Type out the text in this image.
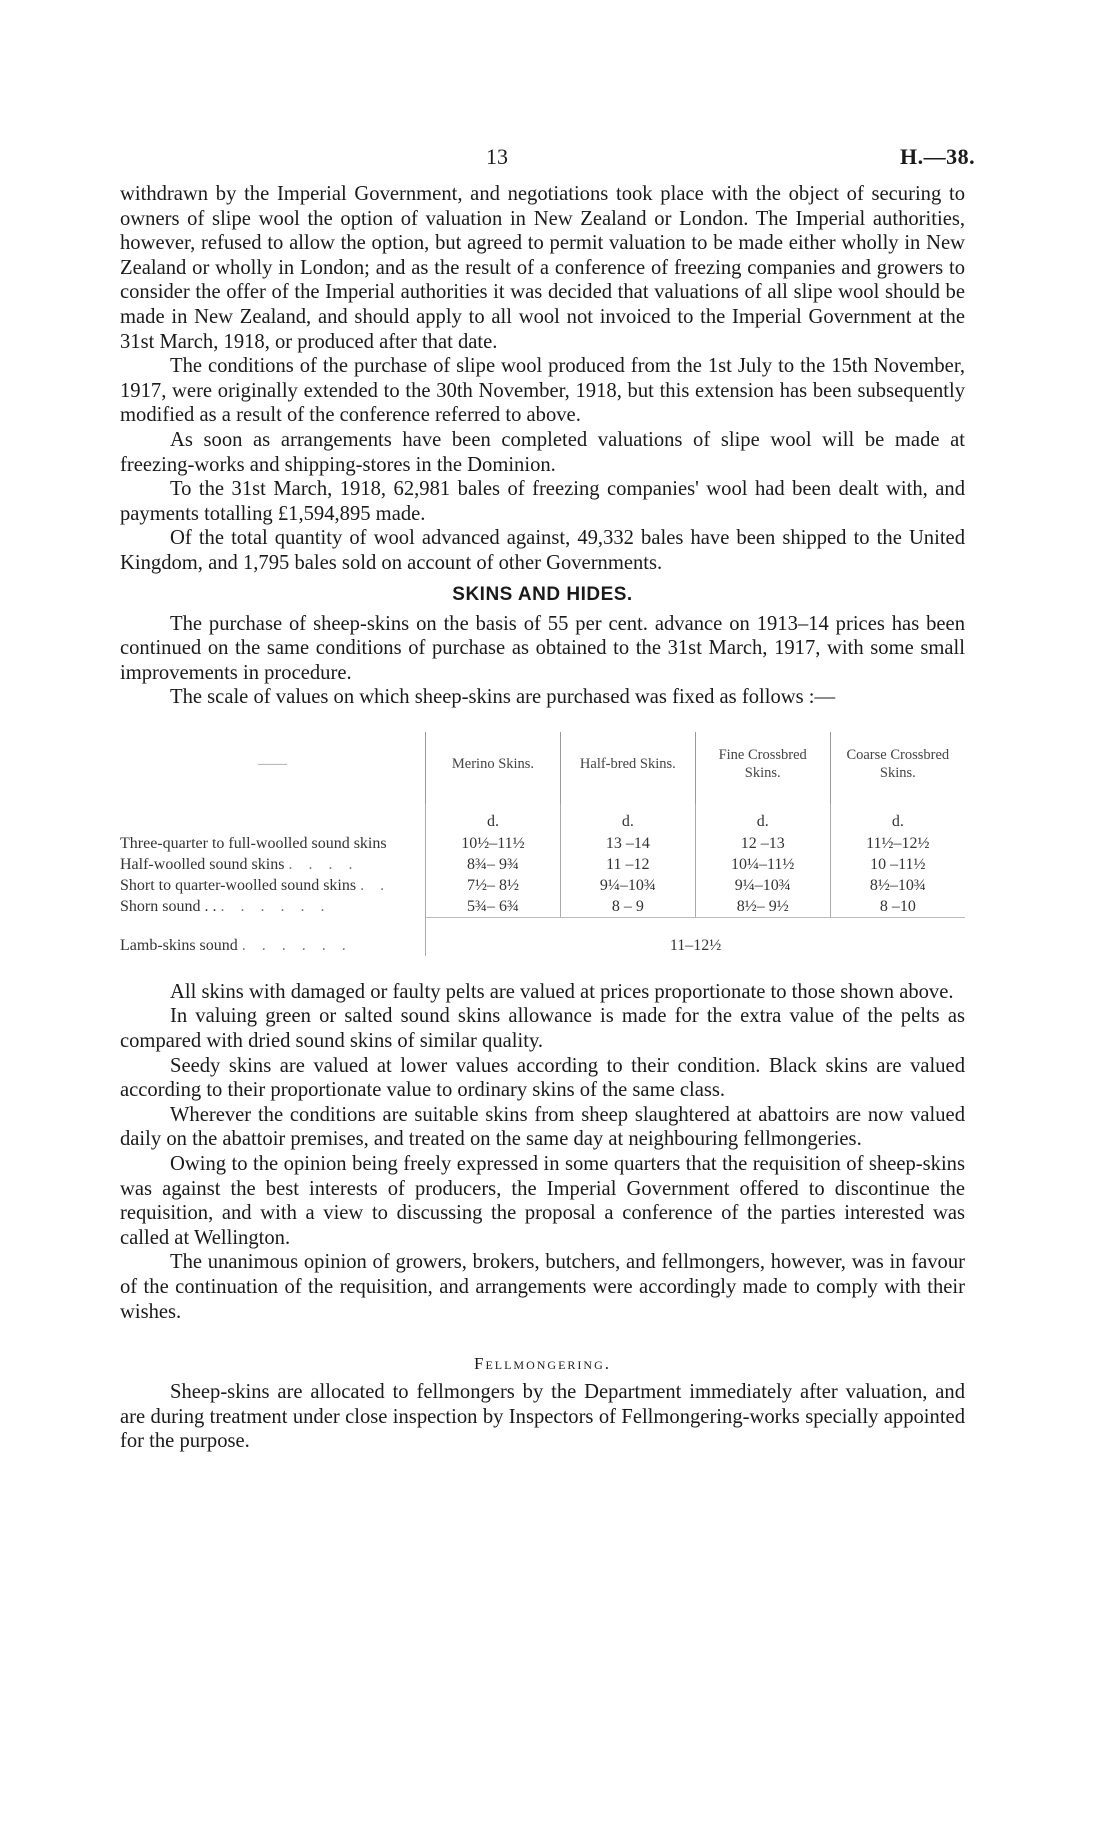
13	H.—38.

withdrawn by the Imperial Government, and negotiations took place with the object of securing to owners of slipe wool the option of valuation in New Zealand or London. The Imperial authorities, however, refused to allow the option, but agreed to permit valuation to be made either wholly in New Zealand or wholly in London; and as the result of a conference of freezing companies and growers to consider the offer of the Imperial authorities it was decided that valuations of all slipe wool should be made in New Zealand, and should apply to all wool not invoiced to the Imperial Government at the 31st March, 1918, or produced after that date.

The conditions of the purchase of slipe wool produced from the 1st July to the 15th November, 1917, were originally extended to the 30th November, 1918, but this extension has been subsequently modified as a result of the conference referred to above.

As soon as arrangements have been completed valuations of slipe wool will be made at freezing-works and shipping-stores in the Dominion.

To the 31st March, 1918, 62,981 bales of freezing companies' wool had been dealt with, and payments totalling £1,594,895 made.

Of the total quantity of wool advanced against, 49,332 bales have been shipped to the United Kingdom, and 1,795 bales sold on account of other Governments.

SKINS AND HIDES.

The purchase of sheep-skins on the basis of 55 per cent. advance on 1913–14 prices has been continued on the same conditions of purchase as obtained to the 31st March, 1917, with some small improvements in procedure.

The scale of values on which sheep-skins are purchased was fixed as follows :—

——	Merino Skins.	Half-bred Skins.	Fine Crossbred Skins.	Coarse Crossbred Skins.
	d.	d.	d.	d.
Three-quarter to full-woolled sound skins	10½–11½	13 –14	12 –13	11½–12½
Half-woolled sound skins . . . .	8¾– 9¾	11 –12	10¼–11½	10 –11½
Short to quarter-woolled sound skins . .	7½– 8½	9¼–10¾	9¼–10¾	8½–10¾
Shorn sound . . . . . . . .	5¾– 6¾	8 – 9	8½– 9½	8 –10
Lamb-skins sound . . . . . .	11–12½			

All skins with damaged or faulty pelts are valued at prices proportionate to those shown above.

In valuing green or salted sound skins allowance is made for the extra value of the pelts as compared with dried sound skins of similar quality.

Seedy skins are valued at lower values according to their condition. Black skins are valued according to their proportionate value to ordinary skins of the same class.

Wherever the conditions are suitable skins from sheep slaughtered at abattoirs are now valued daily on the abattoir premises, and treated on the same day at neighbouring fellmongeries.

Owing to the opinion being freely expressed in some quarters that the requisition of sheep-skins was against the best interests of producers, the Imperial Government offered to discontinue the requisition, and with a view to discussing the proposal a conference of the parties interested was called at Wellington.

The unanimous opinion of growers, brokers, butchers, and fellmongers, however, was in favour of the continuation of the requisition, and arrangements were accordingly made to comply with their wishes.

Fellmongering.

Sheep-skins are allocated to fellmongers by the Department immediately after valuation, and are during treatment under close inspection by Inspectors of Fellmongering-works specially appointed for the purpose.
